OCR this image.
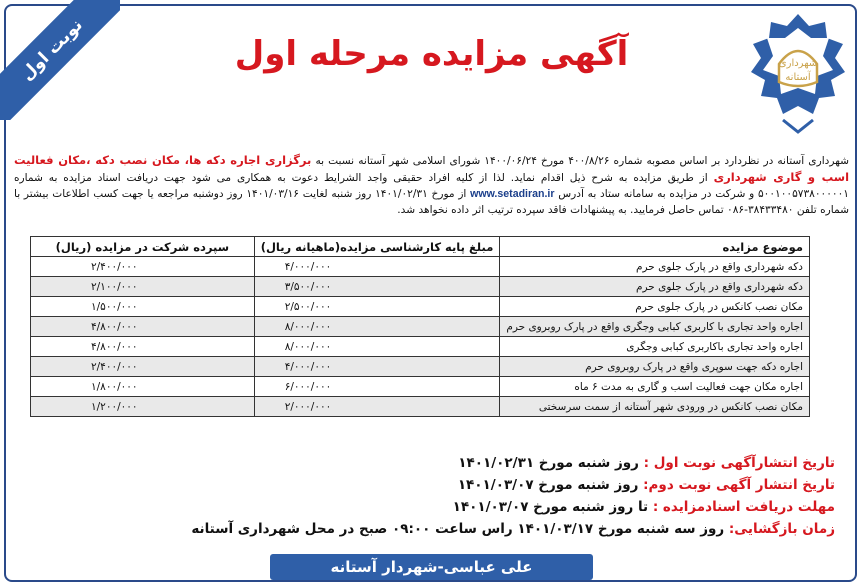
نوبت اول	شهرداری
آستانه
آگهی مزایده مرحله اول
شهرداری آستانه در نظردارد بر اساس مصوبه شماره ۴۰۰/۸/۲۶ مورخ ۱۴۰۰/۰۶/۲۴ شورای اسلامی شهر آستانه نسبت به برگزاری اجاره دکه ها، مکان نصب دکه ،مکان فعالیت اسب و گاری شهرداری از طریق مزایده به شرح ذیل اقدام نماید. لذا از کلیه افراد حقیقی واجد الشرایط دعوت به همکاری می شود جهت دریافت اسناد مزایده به شماره ۵۰۰۱۰۰۵۷۳۸۰۰۰۰۰۱ و شرکت در مزایده به سامانه ستاد به آدرس www.setadiran.ir از مورخ ۱۴۰۱/۰۲/۳۱ روز شنبه لغایت ۱۴۰۱/۰۳/۱۶ روز دوشنبه مراجعه یا جهت کسب اطلاعات بیشتر با شماره تلفن ۳۸۴۳۳۴۸۰-۰۸۶ تماس حاصل فرمایید. به پیشنهادات فاقد سپرده ترتیب اثر داده نخواهد شد.
موضوع مزایده	مبلغ پایه کارشناسی مزایده(ماهیانه ریال)	سپرده شرکت در مزایده (ریال)
دکه شهرداری واقع در پارک جلوی حرم	۴/۰۰۰/۰۰۰	۲/۴۰۰/۰۰۰
دکه شهرداری واقع در پارک جلوی حرم	۳/۵۰۰/۰۰۰	۲/۱۰۰/۰۰۰
مکان نصب کانکس در پارک جلوی حرم	۲/۵۰۰/۰۰۰	۱/۵۰۰/۰۰۰
اجاره واحد تجاری با کاربری کبابی وجگری واقع در پارک روبروی حرم	۸/۰۰۰/۰۰۰	۴/۸۰۰/۰۰۰
اجاره واحد تجاری باکاربری کبابی وجگری	۸/۰۰۰/۰۰۰	۴/۸۰۰/۰۰۰
اجاره دکه جهت سوپری واقع در پارک روبروی حرم	۴/۰۰۰/۰۰۰	۲/۴۰۰/۰۰۰
اجاره مکان جهت فعالیت اسب و گاری به مدت ۶ ماه	۶/۰۰۰/۰۰۰	۱/۸۰۰/۰۰۰
مکان نصب کانکس در ورودی شهر آستانه از سمت سرسختی	۲/۰۰۰/۰۰۰	۱/۲۰۰/۰۰۰
تاریخ انتشارآگهی نوبت اول : روز شنبه مورخ ۱۴۰۱/۰۲/۳۱
تاریخ انتشار آگهی نوبت دوم: روز شنبه مورخ ۱۴۰۱/۰۳/۰۷
مهلت دریافت اسنادمزایده : تا روز شنبه مورخ ۱۴۰۱/۰۳/۰۷
زمان بازگشایی: روز سه شنبه مورخ ۱۴۰۱/۰۳/۱۷ راس ساعت ۰۹:۰۰ صبح در محل شهرداری آستانه
علی عباسی-شهردار آستانه
